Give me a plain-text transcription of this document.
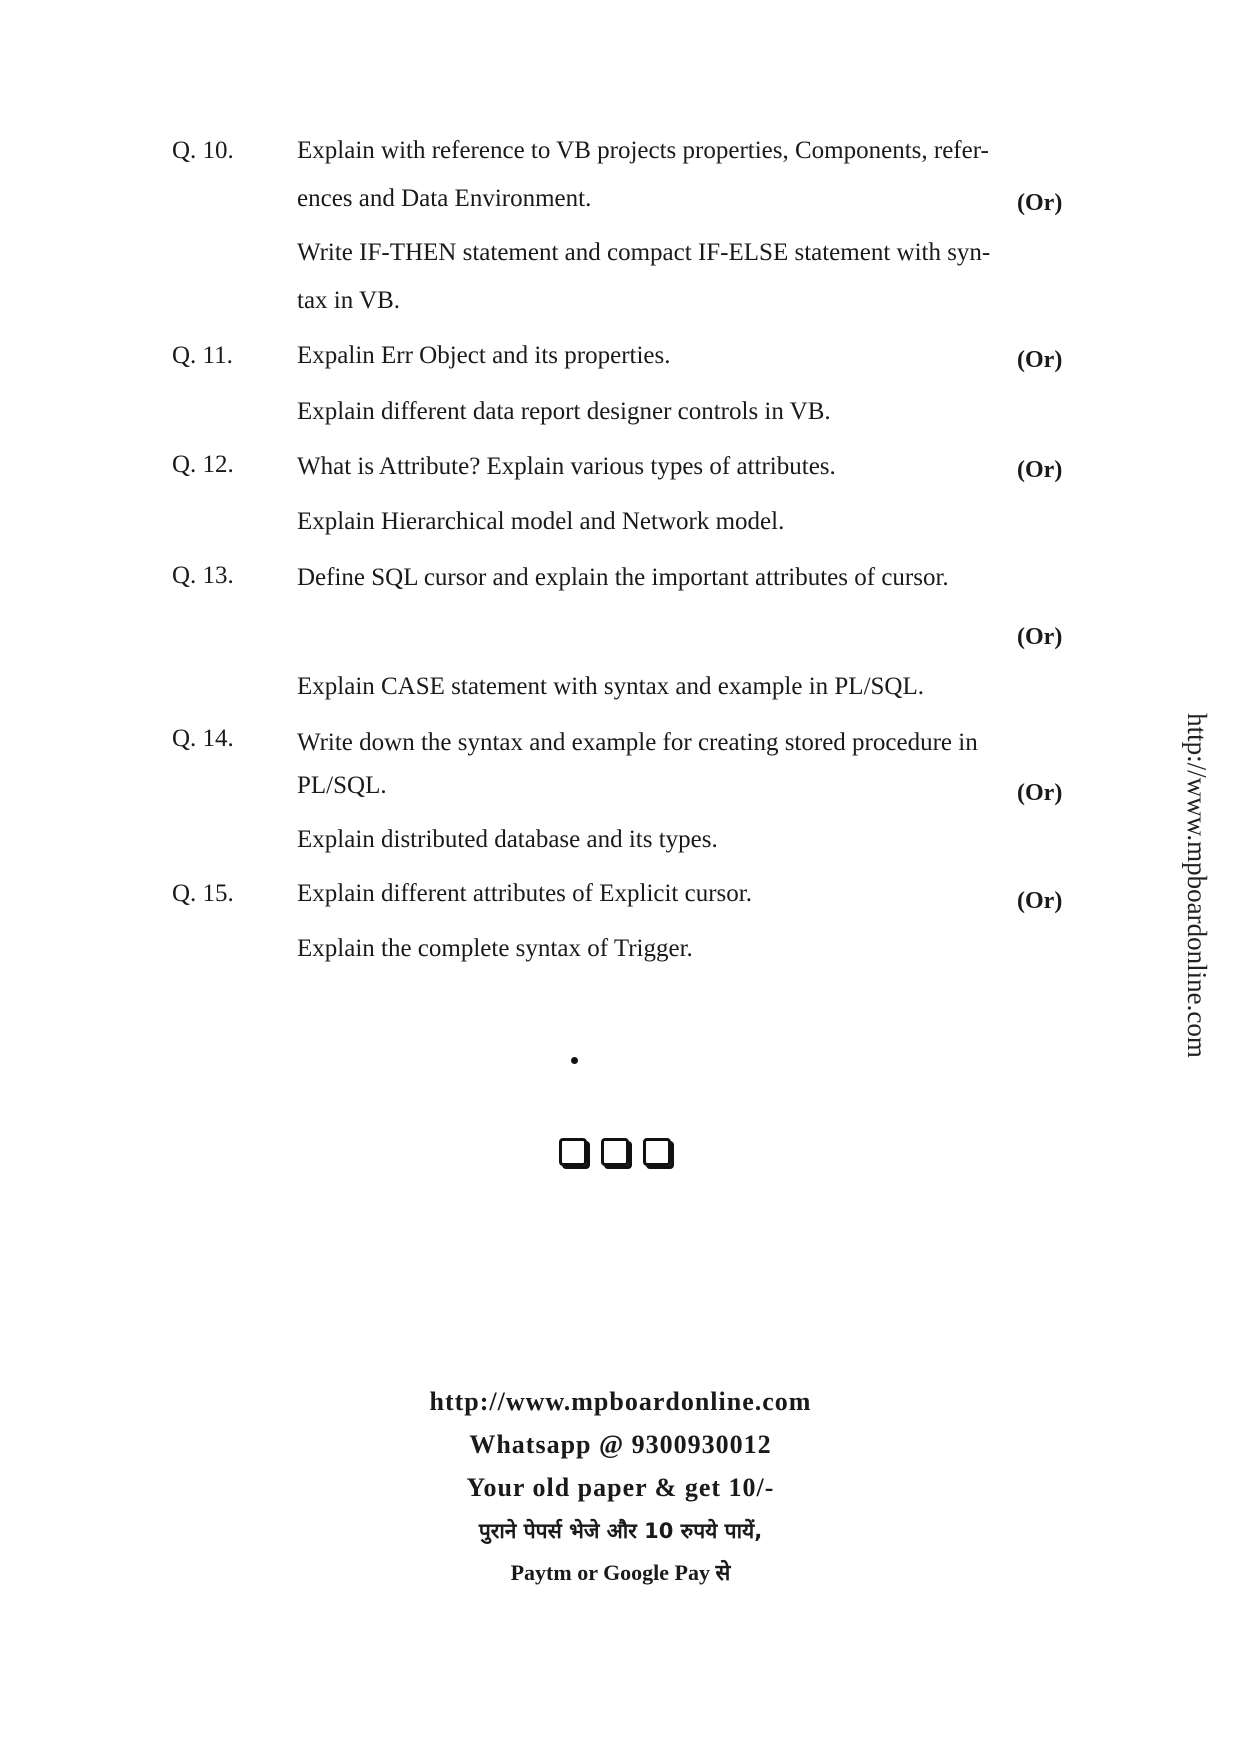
http://www.mpboardonline.com
Q. 10.	Explain with reference to VB projects properties, Components, refer-
ences and Data Environment.	(Or)
Write IF-THEN statement and compact IF-ELSE statement with syn-
tax in VB.
Q. 11.	Expalin Err Object and its properties.	(Or)
Explain different data report designer controls in VB.
Q. 12.	What is Attribute? Explain various types of attributes.	(Or)
Explain Hierarchical model and Network model.
Q. 13.	Define SQL cursor and explain the important attributes of cursor.
(Or)
Explain CASE statement with syntax and example in PL/SQL.
Q. 14.	Write down the syntax and example for creating stored procedure in
PL/SQL.	(Or)
Explain distributed database and its types.
Q. 15.	Explain different attributes of Explicit cursor.	(Or)
Explain the complete syntax of Trigger.
http://www.mpboardonline.com
Whatsapp @ 9300930012
Your old paper & get 10/-
पुराने पेपर्स भेजे और 10 रुपये पायें,
Paytm or Google Pay से
